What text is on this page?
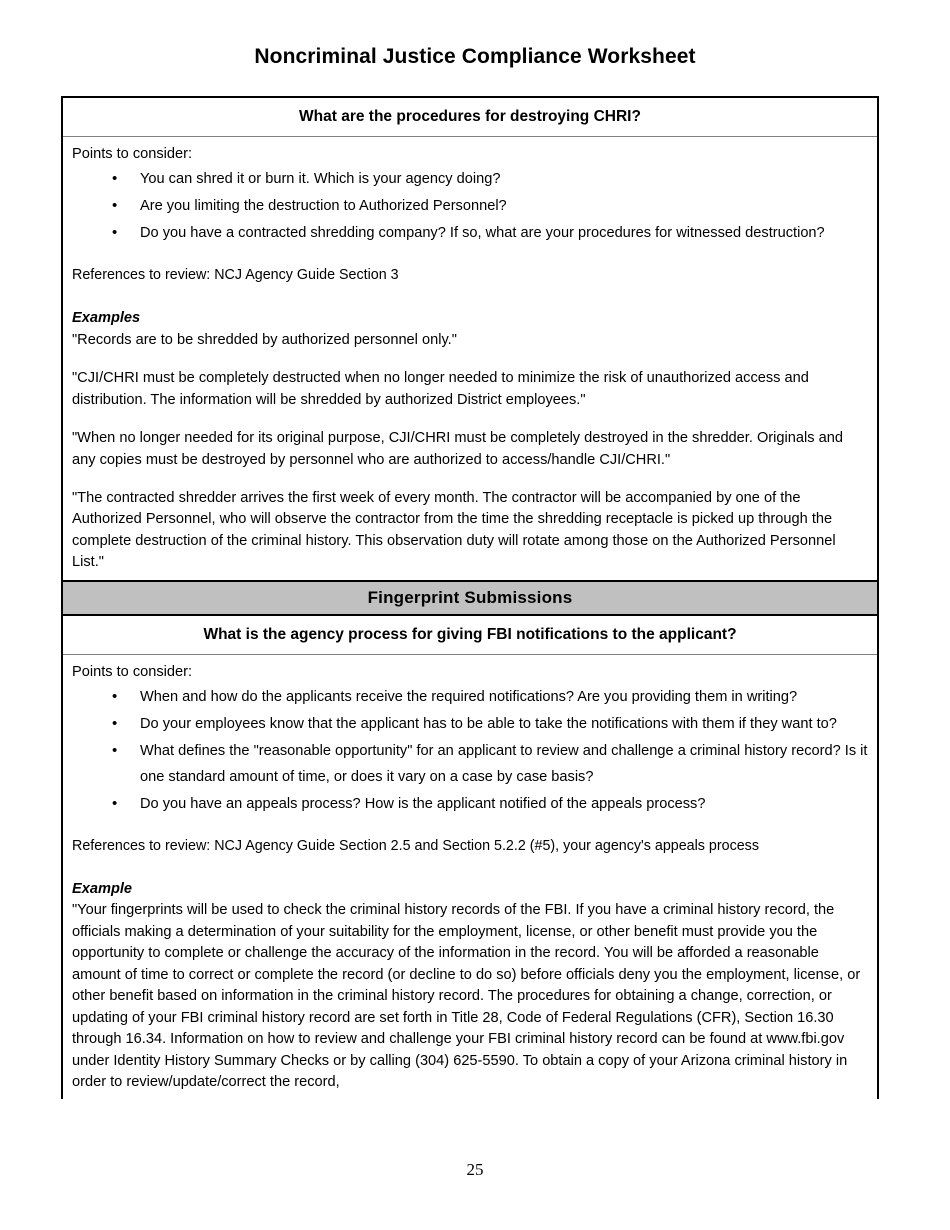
Noncriminal Justice Compliance Worksheet
What are the procedures for destroying CHRI?

Points to consider:

• You can shred it or burn it. Which is your agency doing?
• Are you limiting the destruction to Authorized Personnel?
• Do you have a contracted shredding company? If so, what are your procedures for witnessed destruction?

References to review: NCJ Agency Guide Section 3

Examples

"Records are to be shredded by authorized personnel only."

"CJI/CHRI must be completely destructed when no longer needed to minimize the risk of unauthorized access and distribution. The information will be shredded by authorized District employees."

"When no longer needed for its original purpose, CJI/CHRI must be completely destroyed in the shredder. Originals and any copies must be destroyed by personnel who are authorized to access/handle CJI/CHRI."

"The contracted shredder arrives the first week of every month. The contractor will be accompanied by one of the Authorized Personnel, who will observe the contractor from the time the shredding receptacle is picked up through the complete destruction of the criminal history. This observation duty will rotate among those on the Authorized Personnel List."

Fingerprint Submissions
What is the agency process for giving FBI notifications to the applicant?

Points to consider:

• When and how do the applicants receive the required notifications? Are you providing them in writing?
• Do your employees know that the applicant has to be able to take the notifications with them if they want to?
• What defines the "reasonable opportunity" for an applicant to review and challenge a criminal history record? Is it one standard amount of time, or does it vary on a case by case basis?
• Do you have an appeals process? How is the applicant notified of the appeals process?

References to review: NCJ Agency Guide Section 2.5 and Section 5.2.2 (#5), your agency's appeals process

Example

"Your fingerprints will be used to check the criminal history records of the FBI. If you have a criminal history record, the officials making a determination of your suitability for the employment, license, or other benefit must provide you the opportunity to complete or challenge the accuracy of the information in the record. You will be afforded a reasonable amount of time to correct or complete the record (or decline to do so) before officials deny you the employment, license, or other benefit based on information in the criminal history record. The procedures for obtaining a change, correction, or updating of your FBI criminal history record are set forth in Title 28, Code of Federal Regulations (CFR), Section 16.30 through 16.34. Information on how to review and challenge your FBI criminal history record can be found at www.fbi.gov under Identity History Summary Checks or by calling (304) 625-5590. To obtain a copy of your Arizona criminal history in order to review/update/correct the record,

25
